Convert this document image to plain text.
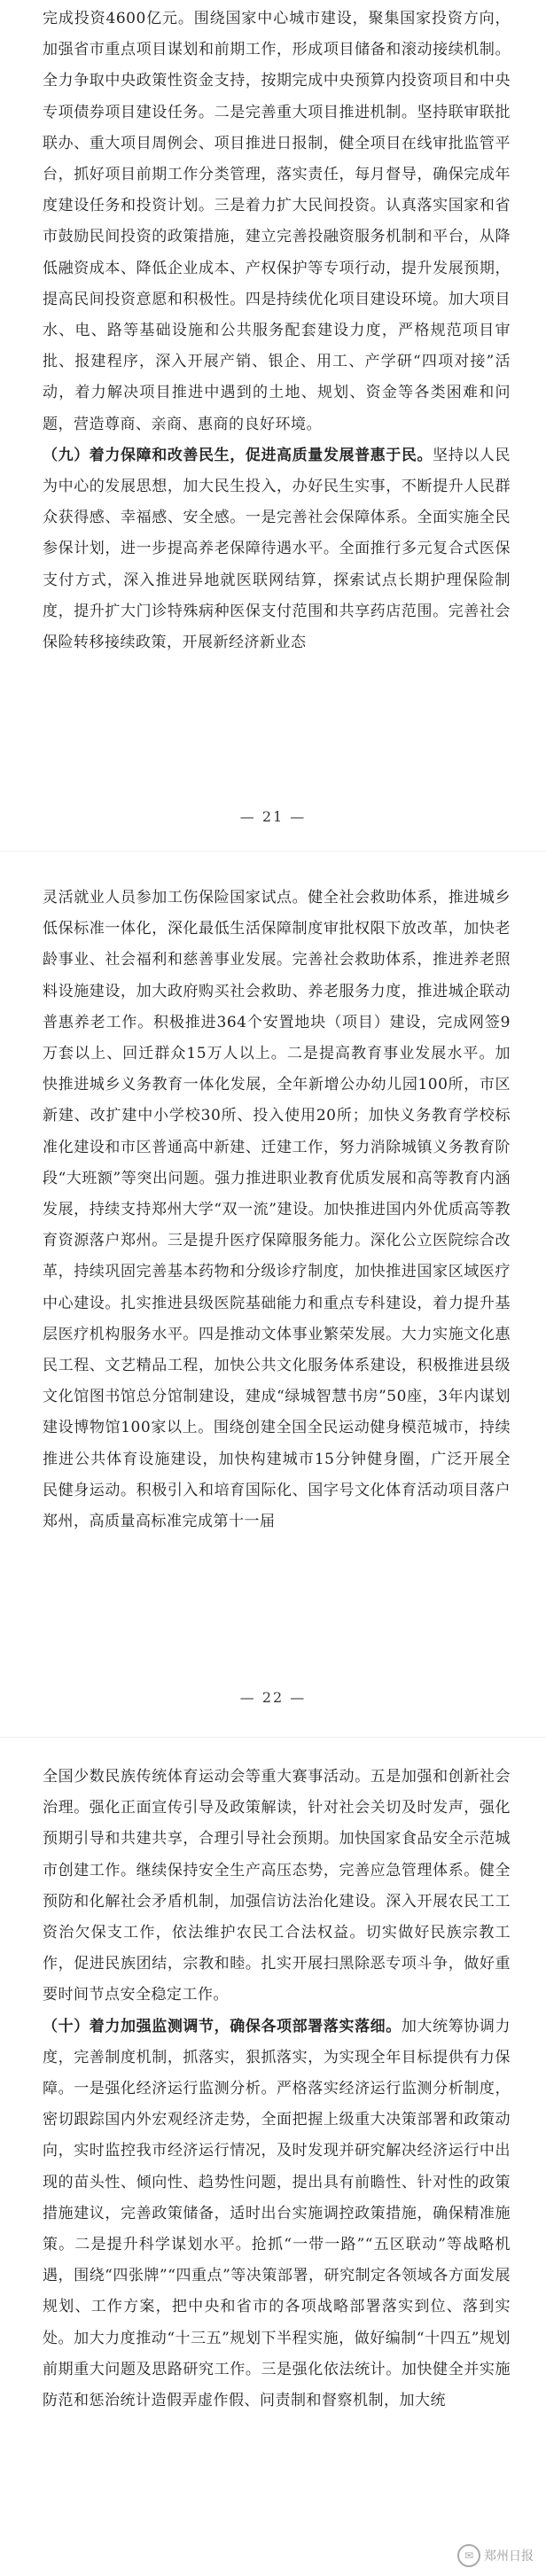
完成投资4600亿元。围绕国家中心城市建设，聚集国家投资方向，加强省市重点项目谋划和前期工作，形成项目储备和滚动接续机制。全力争取中央政策性资金支持，按期完成中央预算内投资项目和中央专项债券项目建设任务。二是完善重大项目推进机制。坚持联审联批联办、重大项目周例会、项目推进日报制，健全项目在线审批监管平台，抓好项目前期工作分类管理，落实责任，每月督导，确保完成年度建设任务和投资计划。三是着力扩大民间投资。认真落实国家和省市鼓励民间投资的政策措施，建立完善投融资服务机制和平台，从降低融资成本、降低企业成本、产权保护等专项行动，提升发展预期，提高民间投资意愿和积极性。四是持续优化项目建设环境。加大项目水、电、路等基础设施和公共服务配套建设力度，严格规范项目审批、报建程序，深入开展产销、银企、用工、产学研“四项对接”活动，着力解决项目推进中遇到的土地、规划、资金等各类困难和问题，营造尊商、亲商、惠商的良好环境。
（九）着力保障和改善民生，促进高质量发展普惠于民。坚持以人民为中心的发展思想，加大民生投入，办好民生实事，不断提升人民群众获得感、幸福感、安全感。一是完善社会保障体系。全面实施全民参保计划，进一步提高养老保障待遇水平。全面推行多元复合式医保支付方式，深入推进异地就医联网结算，探索试点长期护理保险制度，提升扩大门诊特殊病种医保支付范围和共享药店范围。完善社会保险转移接续政策，开展新经济新业态

— 21 —

灵活就业人员参加工伤保险国家试点。健全社会救助体系，推进城乡低保标准一体化，深化最低生活保障制度审批权限下放改革，加快老龄事业、社会福利和慈善事业发展。完善社会救助体系，推进养老照料设施建设，加大政府购买社会救助、养老服务力度，推进城企联动普惠养老工作。积极推进364个安置地块（项目）建设，完成网签9万套以上、回迁群众15万人以上。二是提高教育事业发展水平。加快推进城乡义务教育一体化发展，全年新增公办幼儿园100所，市区新建、改扩建中小学校30所、投入使用20所；加快义务教育学校标准化建设和市区普通高中新建、迁建工作，努力消除城镇义务教育阶段“大班额”等突出问题。强力推进职业教育优质发展和高等教育内涵发展，持续支持郑州大学“双一流”建设。加快推进国内外优质高等教育资源落户郑州。三是提升医疗保障服务能力。深化公立医院综合改革，持续巩固完善基本药物和分级诊疗制度，加快推进国家区域医疗中心建设。扎实推进县级医院基础能力和重点专科建设，着力提升基层医疗机构服务水平。四是推动文体事业繁荣发展。大力实施文化惠民工程、文艺精品工程，加快公共文化服务体系建设，积极推进县级文化馆图书馆总分馆制建设，建成“绿城智慧书房”50座，3年内谋划建设博物馆100家以上。围绕创建全国全民运动健身模范城市，持续推进公共体育设施建设，加快构建城市15分钟健身圈，广泛开展全民健身运动。积极引入和培育国际化、国字号文化体育活动项目落户郑州，高质量高标准完成第十一届

— 22 —

全国少数民族传统体育运动会等重大赛事活动。五是加强和创新社会治理。强化正面宣传引导及政策解读，针对社会关切及时发声，强化预期引导和共建共享，合理引导社会预期。加快国家食品安全示范城市创建工作。继续保持安全生产高压态势，完善应急管理体系。健全预防和化解社会矛盾机制，加强信访法治化建设。深入开展农民工工资治欠保支工作，依法维护农民工合法权益。切实做好民族宗教工作，促进民族团结，宗教和睦。扎实开展扫黑除恶专项斗争，做好重要时间节点安全稳定工作。
（十）着力加强监测调节，确保各项部署落实落细。加大统筹协调力度，完善制度机制，抓落实，狠抓落实，为实现全年目标提供有力保障。一是强化经济运行监测分析。严格落实经济运行监测分析制度，密切跟踪国内外宏观经济走势，全面把握上级重大决策部署和政策动向，实时监控我市经济运行情况，及时发现并研究解决经济运行中出现的苗头性、倾向性、趋势性问题，提出具有前瞻性、针对性的政策措施建议，完善政策储备，适时出台实施调控政策措施，确保精准施策。二是提升科学谋划水平。抢抓“一带一路”“五区联动”等战略机遇，围绕“四张牌”“四重点”等决策部署，研究制定各领域各方面发展规划、工作方案，把中央和省市的各项战略部署落实到位、落到实处。加大力度推动“十三五”规划下半程实施，做好编制“十四五”规划前期重大问题及思路研究工作。三是强化依法统计。加快健全并实施防范和惩治统计造假弄虚作假、问责制和督察机制，加大统

✉ 郑州日报
